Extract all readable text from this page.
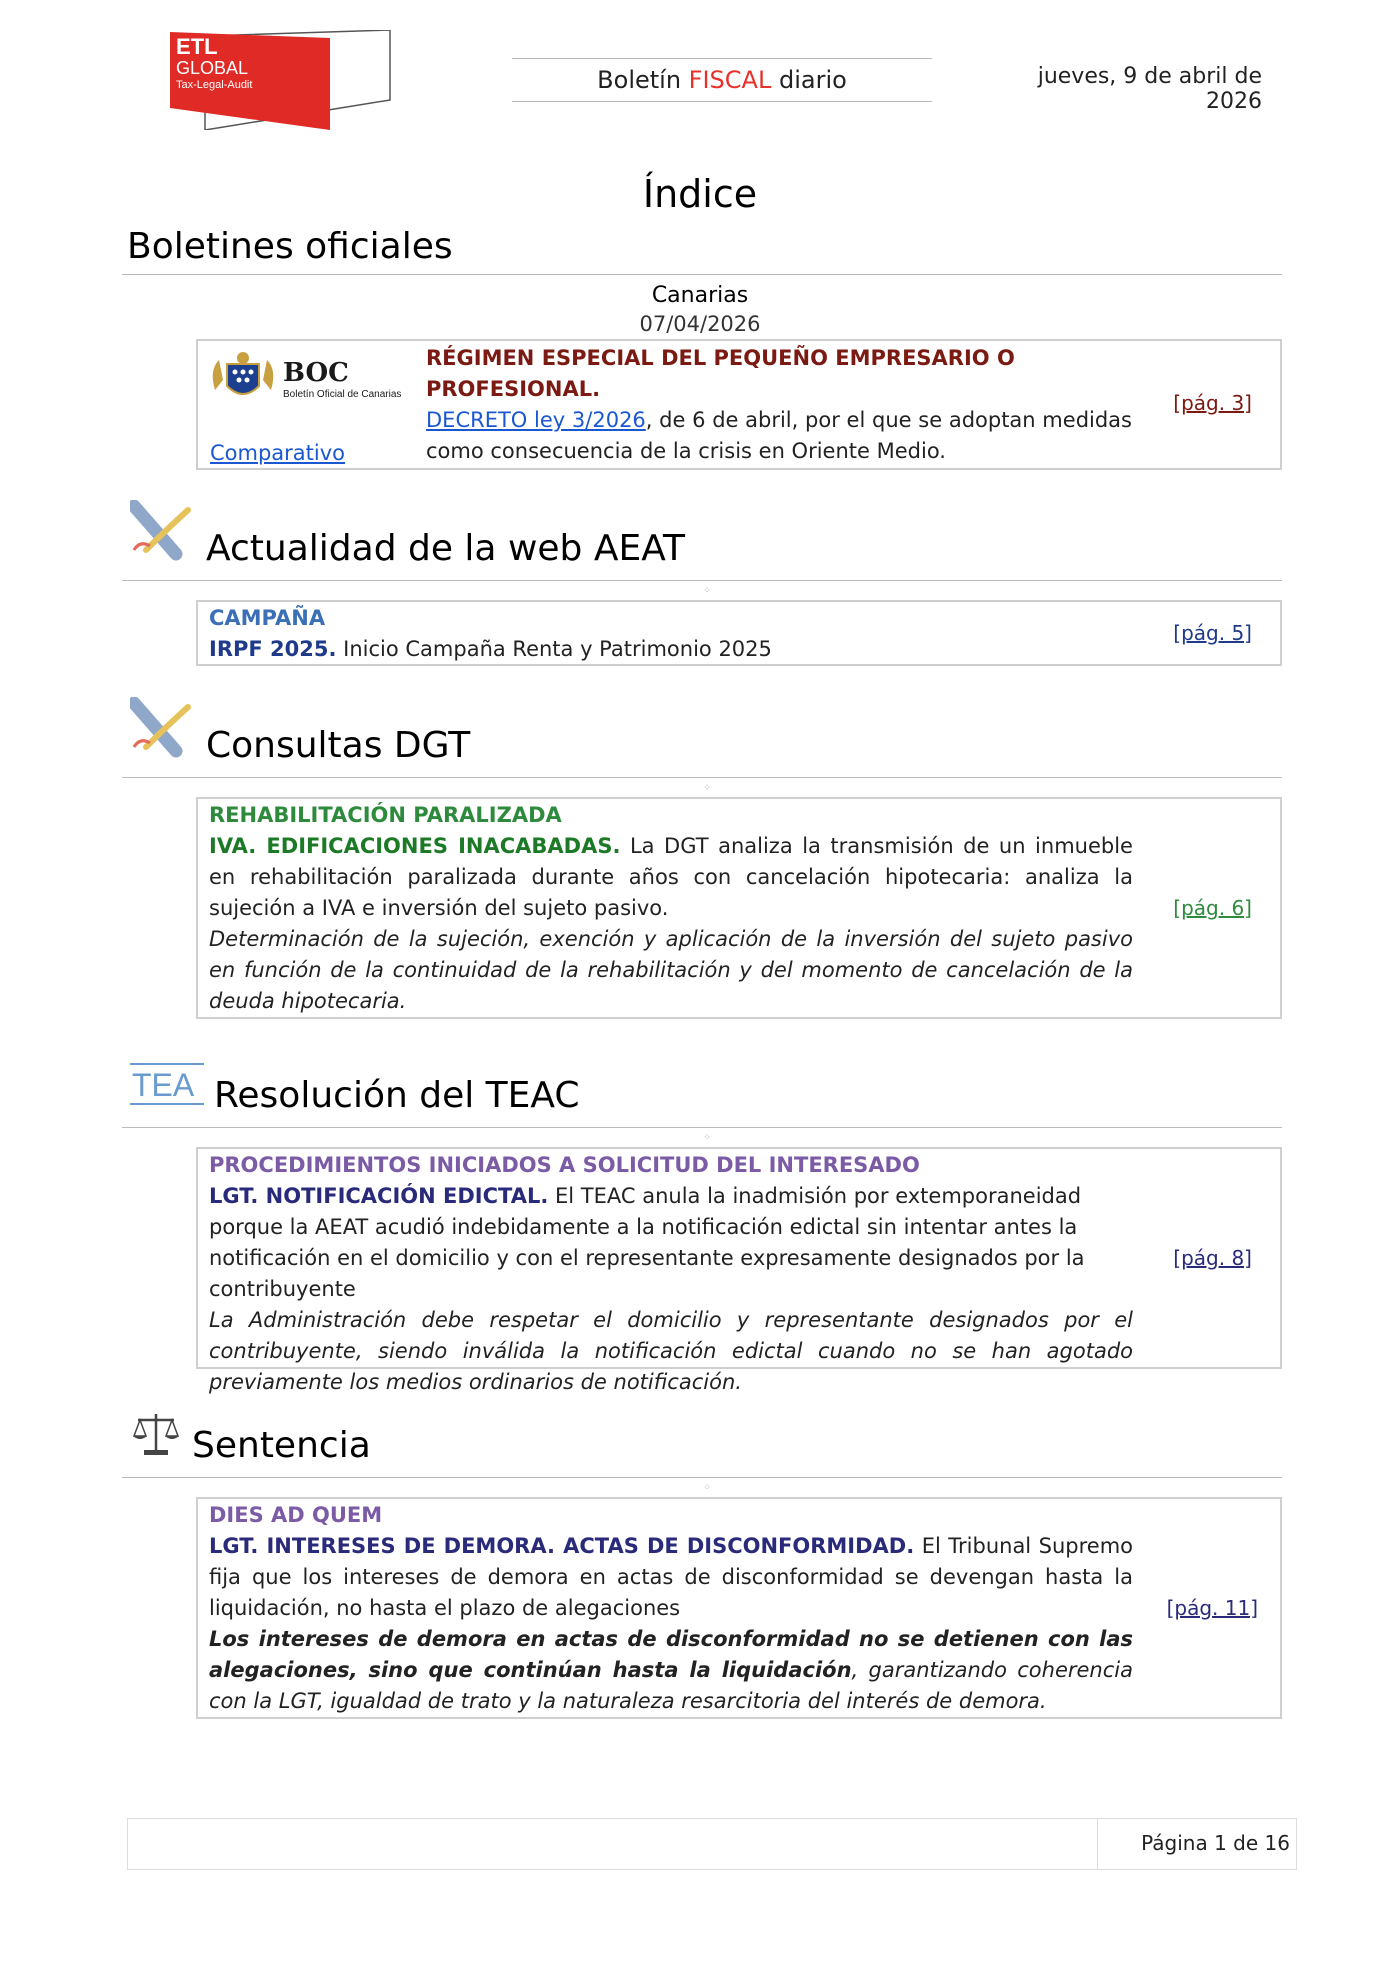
ETL
GLOBAL
Tax-Legal-Audit	Boletín FISCAL diario	jueves, 9 de abril de 2026
Índice
Boletines oficiales
Canarias
07/04/2026
BOC
Boletín Oficial de Canarias
RÉGIMEN ESPECIAL DEL PEQUEÑO EMPRESARIO O PROFESIONAL.
DECRETO ley 3/2026, de 6 de abril, por el que se adoptan medidas como consecuencia de la crisis en Oriente Medio.
Comparativo
[pág. 3]
Actualidad de la web AEAT
⁘
CAMPAÑA
IRPF 2025. Inicio Campaña Renta y Patrimonio 2025
[pág. 5]
Consultas DGT
⁘
REHABILITACIÓN PARALIZADA
IVA. EDIFICACIONES INACABADAS. La DGT analiza la transmisión de un inmueble en rehabilitación paralizada durante años con cancelación hipotecaria: analiza la sujeción a IVA e inversión del sujeto pasivo.
Determinación de la sujeción, exención y aplicación de la inversión del sujeto pasivo en función de la continuidad de la rehabilitación y del momento de cancelación de la deuda hipotecaria.
[pág. 6]
TEA Resolución del TEAC
⁘
PROCEDIMIENTOS INICIADOS A SOLICITUD DEL INTERESADO
LGT. NOTIFICACIÓN EDICTAL. El TEAC anula la inadmisión por extemporaneidad porque la AEAT acudió indebidamente a la notificación edictal sin intentar antes la notificación en el domicilio y con el representante expresamente designados por la contribuyente
La Administración debe respetar el domicilio y representante designados por el contribuyente, siendo inválida la notificación edictal cuando no se han agotado previamente los medios ordinarios de notificación.
[pág. 8]
Sentencia
⁘
DIES AD QUEM
LGT. INTERESES DE DEMORA. ACTAS DE DISCONFORMIDAD. El Tribunal Supremo fija que los intereses de demora en actas de disconformidad se devengan hasta la liquidación, no hasta el plazo de alegaciones
Los intereses de demora en actas de disconformidad no se detienen con las alegaciones, sino que continúan hasta la liquidación, garantizando coherencia con la LGT, igualdad de trato y la naturaleza resarcitoria del interés de demora.
[pág. 11]
Página 1 de 16
